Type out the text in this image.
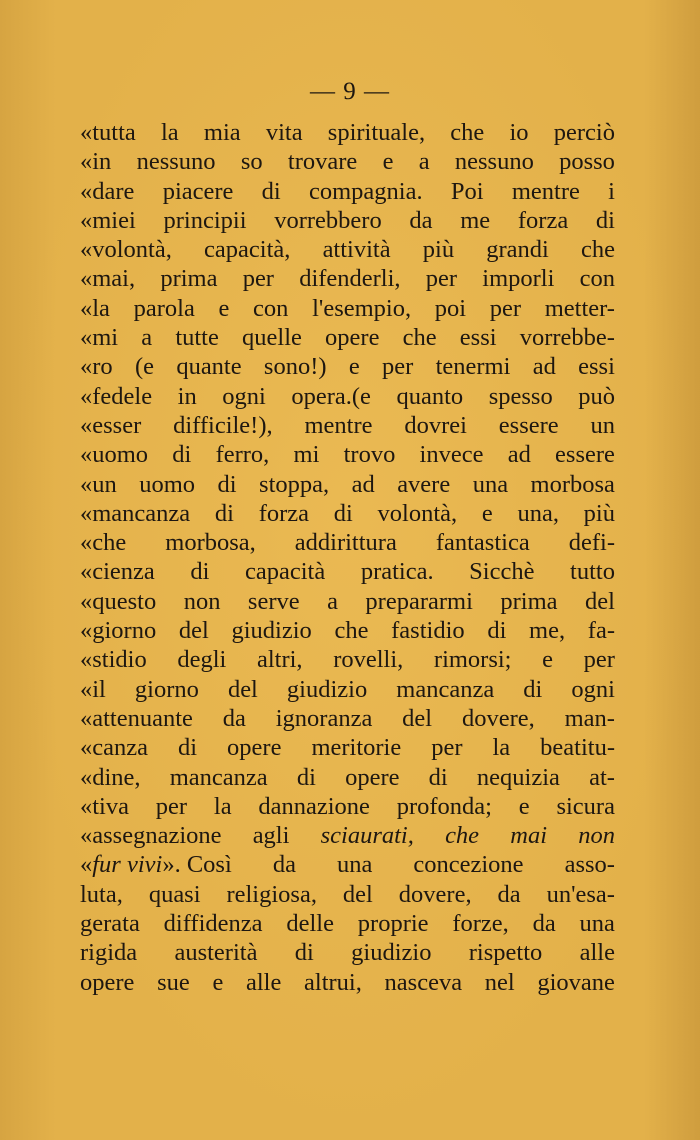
— 9 —
«tutta la mia vita spirituale, che io perciò
«in nessuno so trovare e a nessuno posso
«dare piacere di compagnia. Poi mentre i
«miei principii vorrebbero da me forza di
«volontà, capacità, attività più grandi che
«mai, prima per difenderli, per imporli con
«la parola e con l'esempio, poi per metter-
«mi a tutte quelle opere che essi vorrebbe-
«ro (e quante sono!) e per tenermi ad essi
«fedele in ogni opera.(e quanto spesso può
«esser difficile!), mentre dovrei essere un
«uomo di ferro, mi trovo invece ad essere
«un uomo di stoppa, ad avere una morbosa
«mancanza di forza di volontà, e una, più
«che morbosa, addirittura fantastica defi-
«cienza di capacità pratica. Sicchè tutto
«questo non serve a prepararmi prima del
«giorno del giudizio che fastidio di me, fa-
«stidio degli altri, rovelli, rimorsi; e per
«il giorno del giudizio mancanza di ogni
«attenuante da ignoranza del dovere, man-
«canza di opere meritorie per la beatitu-
«dine, mancanza di opere di nequizia at-
«tiva per la dannazione profonda; e sicura
«assegnazione agli sciaurati, che mai non
«fur vivi». Così da una concezione asso-
luta, quasi religiosa, del dovere, da un'esa-
gerata diffidenza delle proprie forze, da una
rigida austerità di giudizio rispetto alle
opere sue e alle altrui, nasceva nel giovane
